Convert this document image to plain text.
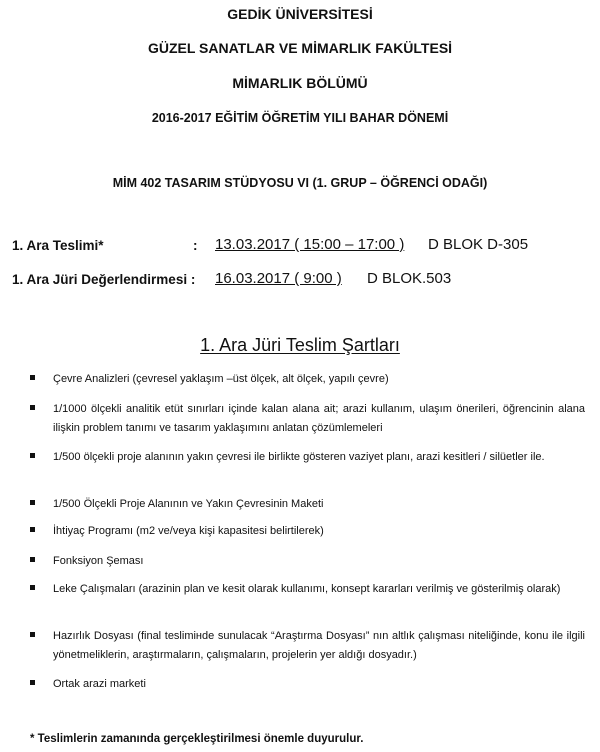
GEDİK ÜNİVERSİTESİ
GÜZEL SANATLAR VE MİMARLIK FAKÜLTESİ
MİMARLIK BÖLÜMÜ
2016-2017 EĞİTİM ÖĞRETİM YILI BAHAR DÖNEMİ
MİM 402 TASARIM STÜDYOSU VI (1. GRUP – ÖĞRENCİ ODAĞI)
1. Ara Teslimi*	: 13.03.2017 ( 15:00 – 17:00 ) D BLOK D-305
1. Ara Jüri Değerlendirmesi : 16.03.2017 ( 9:00 ) D BLOK.503
1. Ara Jüri Teslim Şartları
Çevre Analizleri (çevresel yaklaşım –üst ölçek, alt ölçek, yapılı çevre)
1/1000 ölçekli analitik etüt sınırları içinde kalan alana ait; arazi kullanım, ulaşım önerileri, öğrencinin alana ilişkin problem tanımı ve tasarım yaklaşımını anlatan çözümlemeleri
1/500 ölçekli proje alanının yakın çevresi ile birlikte gösteren vaziyet planı, arazi kesitleri / silüetler ile.
1/500 Ölçekli Proje Alanının ve Yakın Çevresinin Maketi
İhtiyaç Programı (m2 ve/veya kişi kapasitesi belirtilerek)
Fonksiyon Şeması
Leke Çalışmaları (arazinin plan ve kesit olarak kullanımı, konsept kararları verilmiş ve gösterilmiş olarak)
Hazırlık Dosyası (final teslimінde sunulacak “Araştırma Dosyası” nın altlık çalışması niteliğinde, konu ile ilgili yönetmeliklerin, araştırmaların, çalışmaların, projelerin yer aldığı dosyadır.)
Ortak arazi marketi
* Teslimlerin zamanında gerçekleştirilmesi önemle duyurulur.
